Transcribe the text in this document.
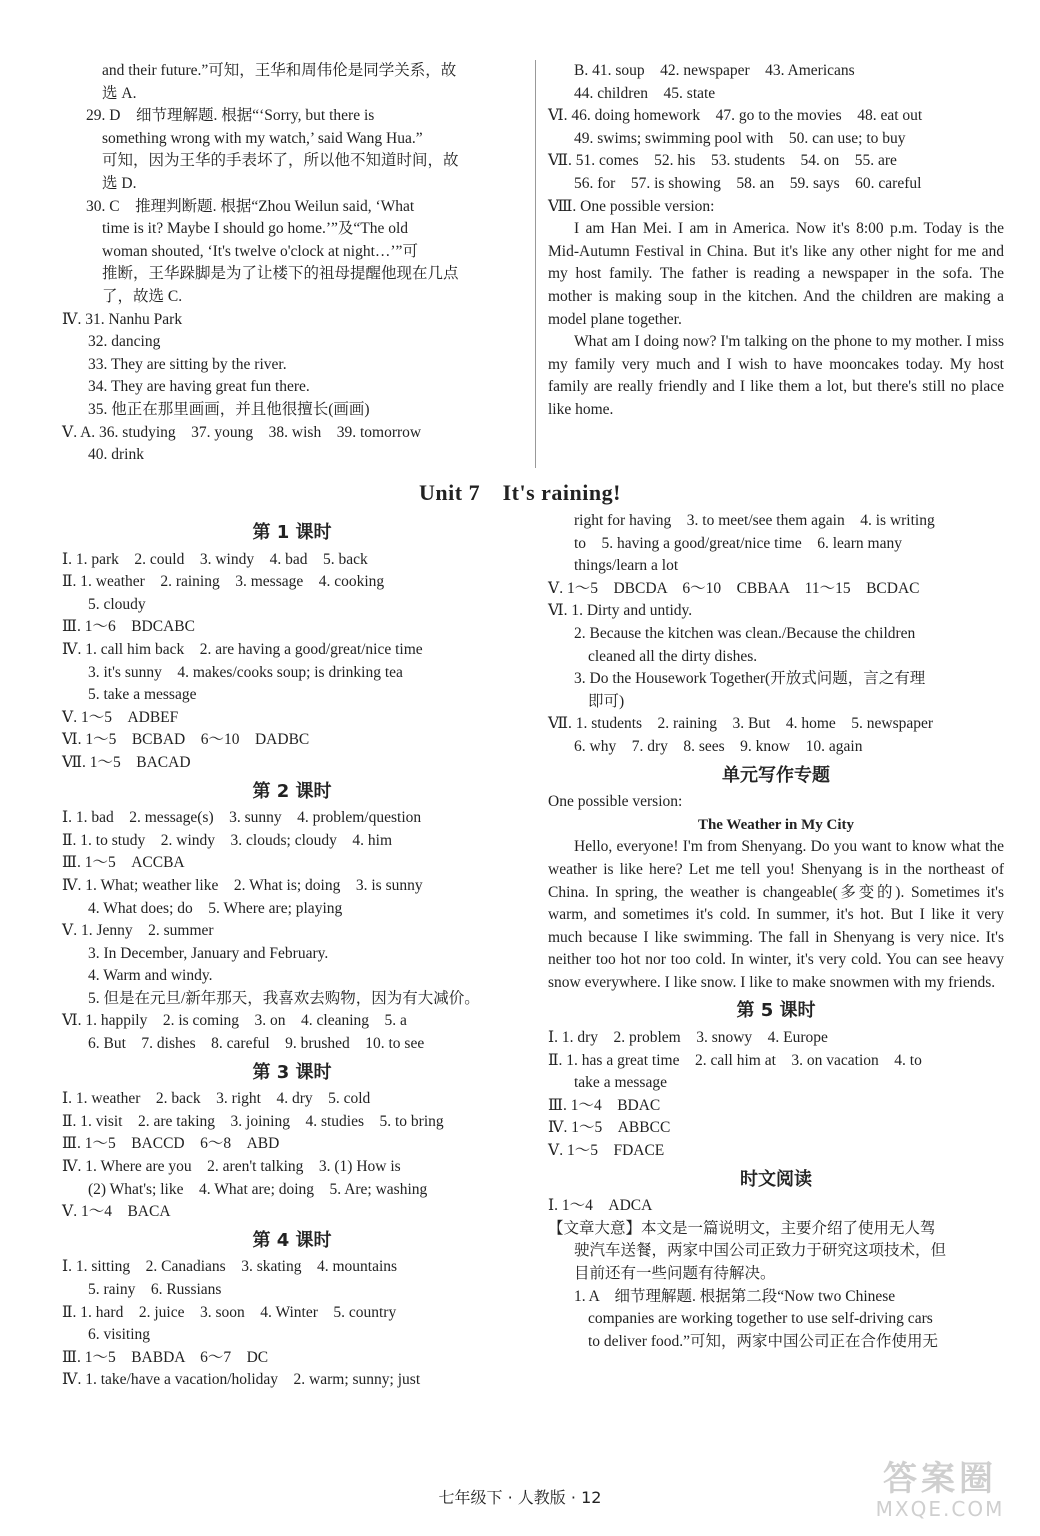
and their future.”可知，王华和周伟伦是同学关系，故
选 A.
29. D　细节理解题. 根据“‘Sorry, but there is
something wrong with my watch,’ said Wang Hua.”
可知，因为王华的手表坏了，所以他不知道时间，故
选 D.
30. C　推理判断题. 根据“Zhou Weilun said, ‘What
time is it? Maybe I should go home.’”及“The old
woman shouted, ‘It's twelve o'clock at night…’”可
推断，王华跺脚是为了让楼下的祖母提醒他现在几点
了，故选 C.
Ⅳ. 31. Nanhu Park
32. dancing
33. They are sitting by the river.
34. They are having great fun there.
35. 他正在那里画画，并且他很擅长(画画)
Ⅴ. A. 36. studying　37. young　38. wish　39. tomorrow
40. drink
B. 41. soup　42. newspaper　43. Americans
44. children　45. state
Ⅵ. 46. doing homework　47. go to the movies　48. eat out
49. swims; swimming pool with　50. can use; to buy
Ⅶ. 51. comes　52. his　53. students　54. on　55. are
56. for　57. is showing　58. an　59. says　60. careful
Ⅷ. One possible version:
I am Han Mei. I am in America. Now it's 8:00 p.m. Today is the Mid-Autumn Festival in China. But it's like any other night for me and my host family. The father is reading a newspaper in the sofa. The mother is making soup in the kitchen. And the children are making a model plane together.
What am I doing now? I'm talking on the phone to my mother. I miss my family very much and I wish to have mooncakes today. My host family are really friendly and I like them a lot, but there's still no place like home.
Unit 7　It's raining!
第 1 课时
Ⅰ. 1. park　2. could　3. windy　4. bad　5. back
Ⅱ. 1. weather　2. raining　3. message　4. cooking
5. cloudy
Ⅲ. 1～6　BDCABC
Ⅳ. 1. call him back　2. are having a good/great/nice time
3. it's sunny　4. makes/cooks soup; is drinking tea
5. take a message
Ⅴ. 1～5　ADBEF
Ⅵ. 1～5　BCBAD　6～10　DADBC
Ⅶ. 1～5　BACAD
第 2 课时
Ⅰ. 1. bad　2. message(s)　3. sunny　4. problem/question
Ⅱ. 1. to study　2. windy　3. clouds; cloudy　4. him
Ⅲ. 1～5　ACCBA
Ⅳ. 1. What; weather like　2. What is; doing　3. is sunny
4. What does; do　5. Where are; playing
Ⅴ. 1. Jenny　2. summer
3. In December, January and February.
4. Warm and windy.
5. 但是在元旦/新年那天，我喜欢去购物，因为有大减价。
Ⅵ. 1. happily　2. is coming　3. on　4. cleaning　5. a
6. But　7. dishes　8. careful　9. brushed　10. to see
第 3 课时
Ⅰ. 1. weather　2. back　3. right　4. dry　5. cold
Ⅱ. 1. visit　2. are taking　3. joining　4. studies　5. to bring
Ⅲ. 1～5　BACCD　6～8　ABD
Ⅳ. 1. Where are you　2. aren't talking　3. (1) How is
(2) What's; like　4. What are; doing　5. Are; washing
Ⅴ. 1～4　BACA
第 4 课时
Ⅰ. 1. sitting　2. Canadians　3. skating　4. mountains
5. rainy　6. Russians
Ⅱ. 1. hard　2. juice　3. soon　4. Winter　5. country
6. visiting
Ⅲ. 1～5　BABDA　6～7　DC
Ⅳ. 1. take/have a vacation/holiday　2. warm; sunny; just
right for having　3. to meet/see them again　4. is writing
to　5. having a good/great/nice time　6. learn many
things/learn a lot
Ⅴ. 1～5　DBCDA　6～10　CBBAA　11～15　BCDAC
Ⅵ. 1. Dirty and untidy.
2. Because the kitchen was clean./Because the children
cleaned all the dirty dishes.
3. Do the Housework Together(开放式问题，言之有理
即可)
Ⅶ. 1. students　2. raining　3. But　4. home　5. newspaper
6. why　7. dry　8. sees　9. know　10. again
单元写作专题
One possible version:
The Weather in My City
Hello, everyone! I'm from Shenyang. Do you want to know what the weather is like here? Let me tell you! Shenyang is in the northeast of China. In spring, the weather is changeable(多变的). Sometimes it's warm, and sometimes it's cold. In summer, it's hot. But I like it very much because I like swimming. The fall in Shenyang is very nice. It's neither too hot nor too cold. In winter, it's very cold. You can see heavy snow everywhere. I like snow. I like to make snowmen with my friends.
第 5 课时
Ⅰ. 1. dry　2. problem　3. snowy　4. Europe
Ⅱ. 1. has a great time　2. call him at　3. on vacation　4. to
take a message
Ⅲ. 1～4　BDAC
Ⅳ. 1～5　ABBCC
Ⅴ. 1～5　FDACE
时文阅读
Ⅰ. 1～4　ADCA
【文章大意】本文是一篇说明文，主要介绍了使用无人驾
驶汽车送餐，两家中国公司正致力于研究这项技术，但
目前还有一些问题有待解决。
1. A　细节理解题. 根据第二段“Now two Chinese
companies are working together to use self-driving cars
to deliver food.”可知，两家中国公司正在合作使用无
七年级下 · 人教版 · 12	答案圈
MXQE.COM
